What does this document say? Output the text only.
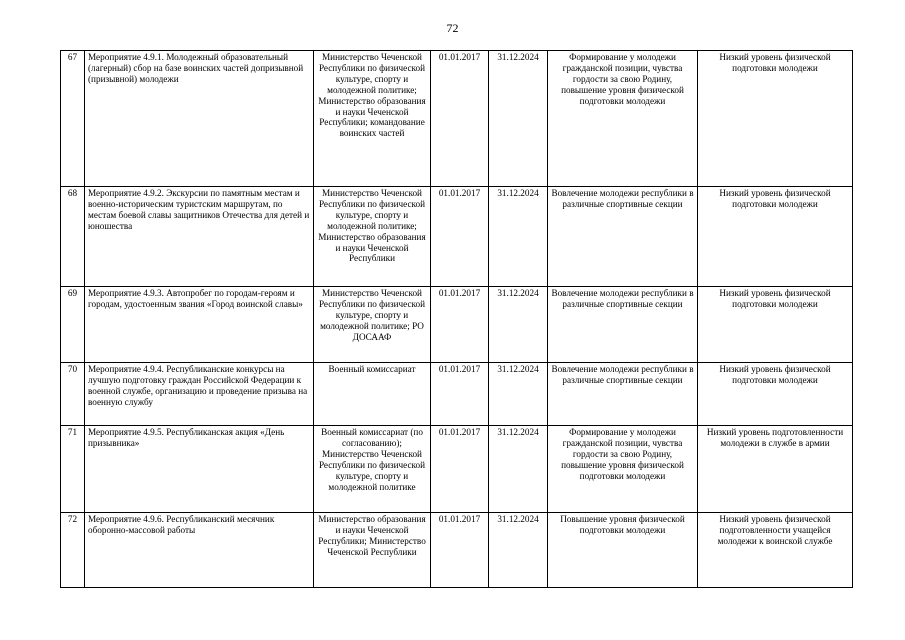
72
67	Мероприятие 4.9.1. Молодежный образовательный (лагерный) сбор на базе воинских частей допризывной (призывной) молодежи	Министерство Чеченской Республики по физической культуре, спорту и молодежной политике; Министерство образования и науки Чеченской Республики; командование воинских частей	01.01.2017	31.12.2024	Формирование у молодежи гражданской позиции, чувства гордости за свою Родину, повышение уровня физической подготовки молодежи	Низкий уровень физической подготовки молодежи
68	Мероприятие 4.9.2. Экскурсии по памятным местам и военно-историческим туристским маршрутам, по местам боевой славы защитников Отечества для детей и юношества	Министерство Чеченской Республики по физической культуре, спорту и молодежной политике; Министерство образования и науки Чеченской Республики	01.01.2017	31.12.2024	Вовлечение молодежи республики в различные спортивные секции	Низкий уровень физической подготовки молодежи
69	Мероприятие 4.9.3. Автопробег по городам-героям и городам, удостоенным звания «Город воинской славы»	Министерство Чеченской Республики по физической культуре, спорту и молодежной политике; РО ДОСААФ	01.01.2017	31.12.2024	Вовлечение молодежи республики в различные спортивные секции	Низкий уровень физической подготовки молодежи
70	Мероприятие 4.9.4. Республиканские конкурсы на лучшую подготовку граждан Российской Федерации к военной службе, организацию и проведение призыва на военную службу	Военный комиссариат	01.01.2017	31.12.2024	Вовлечение молодежи республики в различные спортивные секции	Низкий уровень физической подготовки молодежи
71	Мероприятие 4.9.5. Республиканская акция «День призывника»	Военный комиссариат (по согласованию); Министерство Чеченской Республики по физической культуре, спорту и молодежной политике	01.01.2017	31.12.2024	Формирование у молодежи гражданской позиции, чувства гордости за свою Родину, повышение уровня физической подготовки молодежи	Низкий уровень подготовленности молодежи в службе в армии
72	Мероприятие 4.9.6. Республиканский месячник оборонно-массовой работы	Министерство образования и науки Чеченской Республики; Министерство Чеченской Республики	01.01.2017	31.12.2024	Повышение уровня физической подготовки молодежи	Низкий уровень физической подготовленности учащейся молодежи к воинской службе
